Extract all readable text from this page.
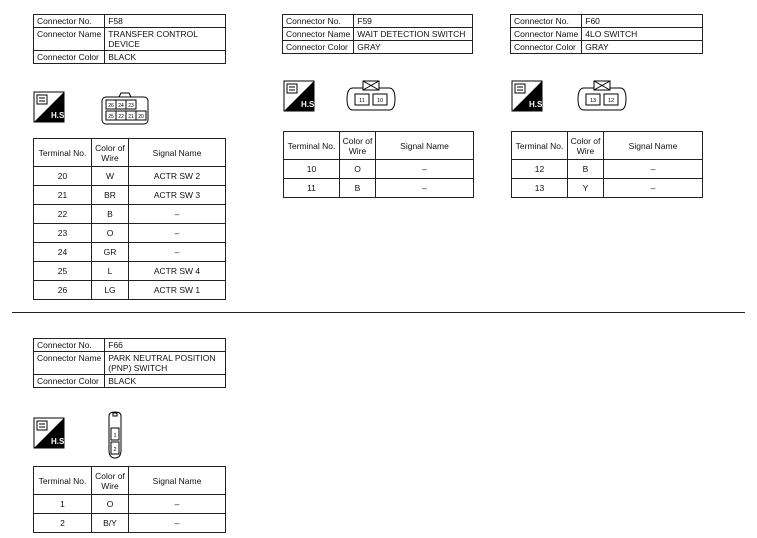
Connector No.	F58
Connector Name	TRANSFER CONTROL DEVICE
Connector Color	BLACK
H.S.
26 24 23
25 22 21 20
Terminal No.	Color of Wire	Signal Name
20	W	ACTR SW 2
21	BR	ACTR SW 3
22	B	–
23	O	–
24	GR	–
25	L	ACTR SW 4
26	LG	ACTR SW 1
Connector No.	F59
Connector Name	WAIT DETECTION SWITCH
Connector Color	GRAY
H.S.	11 10
Terminal No.	Color of Wire	Signal Name
10	O	–
11	B	–
Connector No.	F60
Connector Name	4LO SWITCH
Connector Color	GRAY
H.S.	13 12
Terminal No.	Color of Wire	Signal Name
12	B	–
13	Y	–
Connector No.	F66
Connector Name	PARK NEUTRAL POSITION (PNP) SWITCH
Connector Color	BLACK
H.S.
1
2
Terminal No.	Color of Wire	Signal Name
1	O	–
2	B/Y	–
